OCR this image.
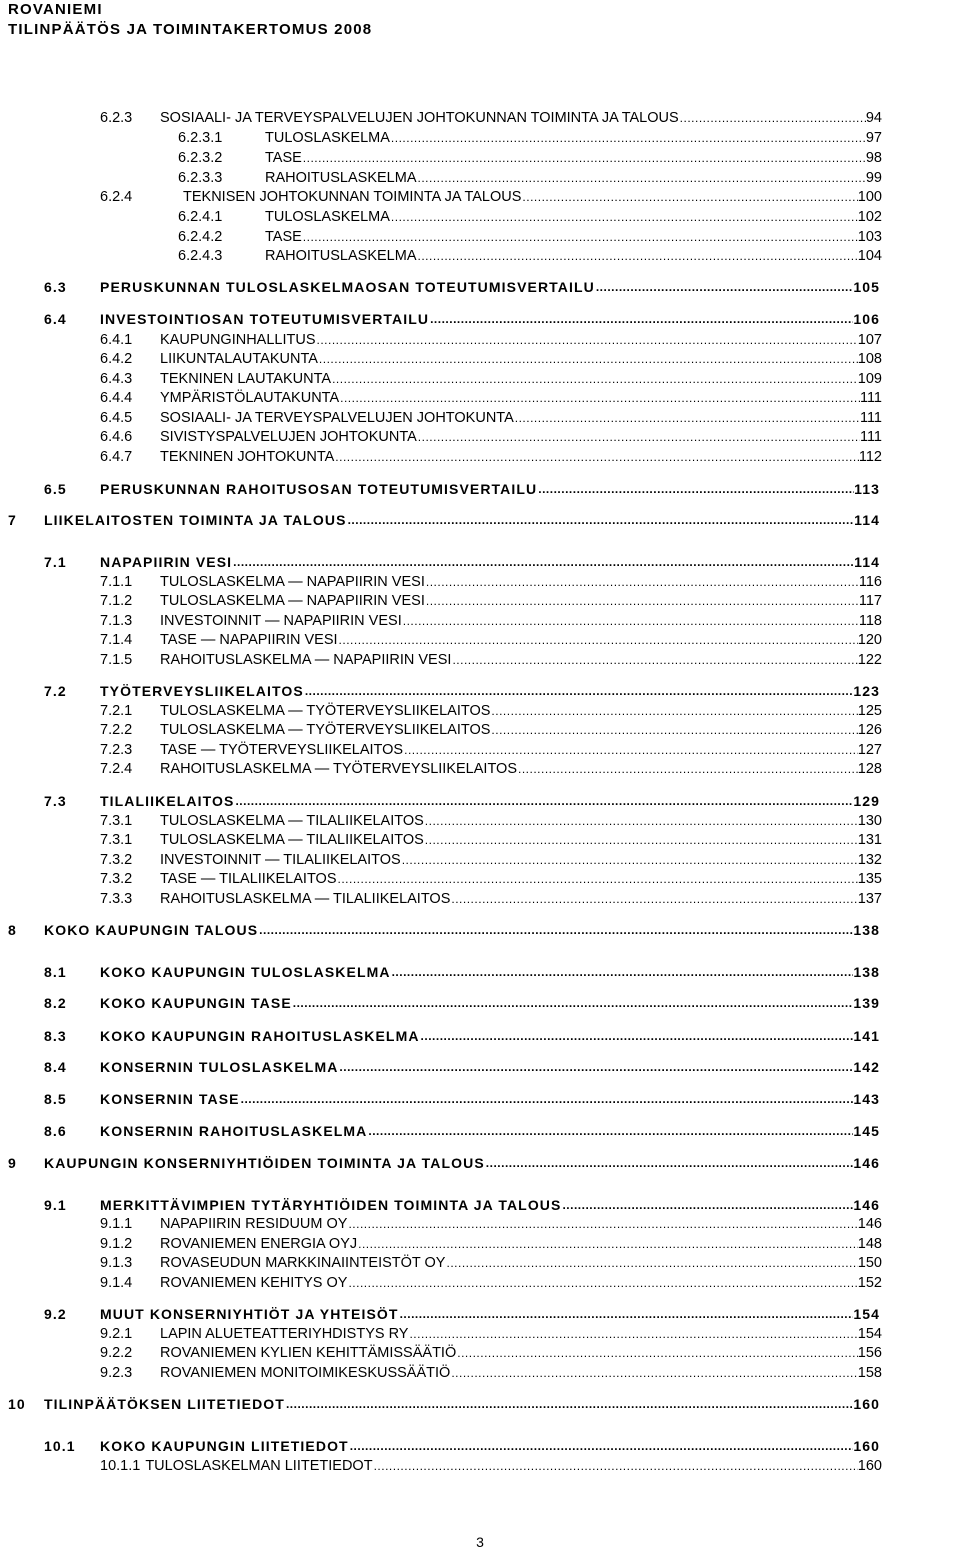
ROVANIEMI
TILINPÄÄTÖS JA TOIMINTAKERTOMUS 2008
6.2.3	SOSIAALI- JA TERVEYSPALVELUJEN JOHTOKUNNAN TOIMINTA JA TALOUS .....	94
6.2.3.1	TULOSLASKELMA .....	97
6.2.3.2	TASE .....	98
6.2.3.3	RAHOITUSLASKELMA .....	99
6.2.4	TEKNISEN JOHTOKUNNAN TOIMINTA JA TALOUS .....	100
6.2.4.1	TULOSLASKELMA .....	102
6.2.4.2	TASE .....	103
6.2.4.3	RAHOITUSLASKELMA .....	104
6.3	PERUSKUNNAN TULOSLASKELMAOSAN TOTEUTUMISVERTAILU .....	105
6.4	INVESTOINTIOSAN TOTEUTUMISVERTAILU .....	106
6.4.1	KAUPUNGINHALLITUS .....	107
6.4.2	LIIKUNTALAUTAKUNTA .....	108
6.4.3	TEKNINEN LAUTAKUNTA .....	109
6.4.4	YMPÄRISTÖLAUTAKUNTA .....	111
6.4.5	SOSIAALI- JA TERVEYSPALVELUJEN JOHTOKUNTA .....	111
6.4.6	SIVISTYSPALVELUJEN JOHTOKUNTA .....	111
6.4.7	TEKNINEN JOHTOKUNTA .....	112
6.5	PERUSKUNNAN RAHOITUSOSAN TOTEUTUMISVERTAILU .....	113
7	LIIKELAITOSTEN TOIMINTA JA TALOUS .....	114
7.1	NAPAPIIRIN VESI .....	114
7.1.1	TULOSLASKELMA — NAPAPIIRIN VESI .....	116
7.1.2	TULOSLASKELMA — NAPAPIIRIN VESI .....	117
7.1.3	INVESTOINNIT — NAPAPIIRIN VESI .....	118
7.1.4	TASE — NAPAPIIRIN VESI .....	120
7.1.5	RAHOITUSLASKELMA — NAPAPIIRIN VESI .....	122
7.2	TYÖTERVEYSLIIKELAITOS .....	123
7.2.1	TULOSLASKELMA — TYÖTERVEYSLIIKELAITOS .....	125
7.2.2	TULOSLASKELMA — TYÖTERVEYSLIIKELAITOS .....	126
7.2.3	TASE — TYÖTERVEYSLIIKELAITOS .....	127
7.2.4	RAHOITUSLASKELMA — TYÖTERVEYSLIIKELAITOS .....	128
7.3	TILALIIKELAITOS .....	129
7.3.1	TULOSLASKELMA — TILALIIKELAITOS .....	130
7.3.1	TULOSLASKELMA — TILALIIKELAITOS .....	131
7.3.2	INVESTOINNIT — TILALIIKELAITOS .....	132
7.3.2	TASE — TILALIIKELAITOS .....	135
7.3.3	RAHOITUSLASKELMA — TILALIIKELAITOS .....	137
8	KOKO KAUPUNGIN TALOUS .....	138
8.1	KOKO KAUPUNGIN TULOSLASKELMA .....	138
8.2	KOKO KAUPUNGIN TASE .....	139
8.3	KOKO KAUPUNGIN RAHOITUSLASKELMA .....	141
8.4	KONSERNIN TULOSLASKELMA .....	142
8.5	KONSERNIN TASE .....	143
8.6	KONSERNIN RAHOITUSLASKELMA .....	145
9	KAUPUNGIN KONSERNIYHTIÖIDEN TOIMINTA JA TALOUS .....	146
9.1	MERKITTÄVIMPIEN TYTÄRYHTIÖIDEN TOIMINTA JA TALOUS .....	146
9.1.1	NAPAPIIRIN RESIDUUM OY .....	146
9.1.2	ROVANIEMEN ENERGIA OYJ .....	148
9.1.3	ROVASEUDUN MARKKINAIINTEISTÖT OY .....	150
9.1.4	ROVANIEMEN KEHITYS OY .....	152
9.2	MUUT KONSERNIYHTIÖT JA YHTEISÖT .....	154
9.2.1	LAPIN ALUETEATTERIYHDISTYS RY .....	154
9.2.2	ROVANIEMEN KYLIEN KEHITTÄMISSÄÄTIÖ .....	156
9.2.3	ROVANIEMEN MONITOIMIKESKUSSÄÄTIÖ .....	158
10	TILINPÄÄTÖKSEN LIITETIEDOT .....	160
10.1	KOKO KAUPUNGIN LIITETIEDOT .....	160
10.1.1 TULOSLASKELMAN LIITETIEDOT .....	160
3
